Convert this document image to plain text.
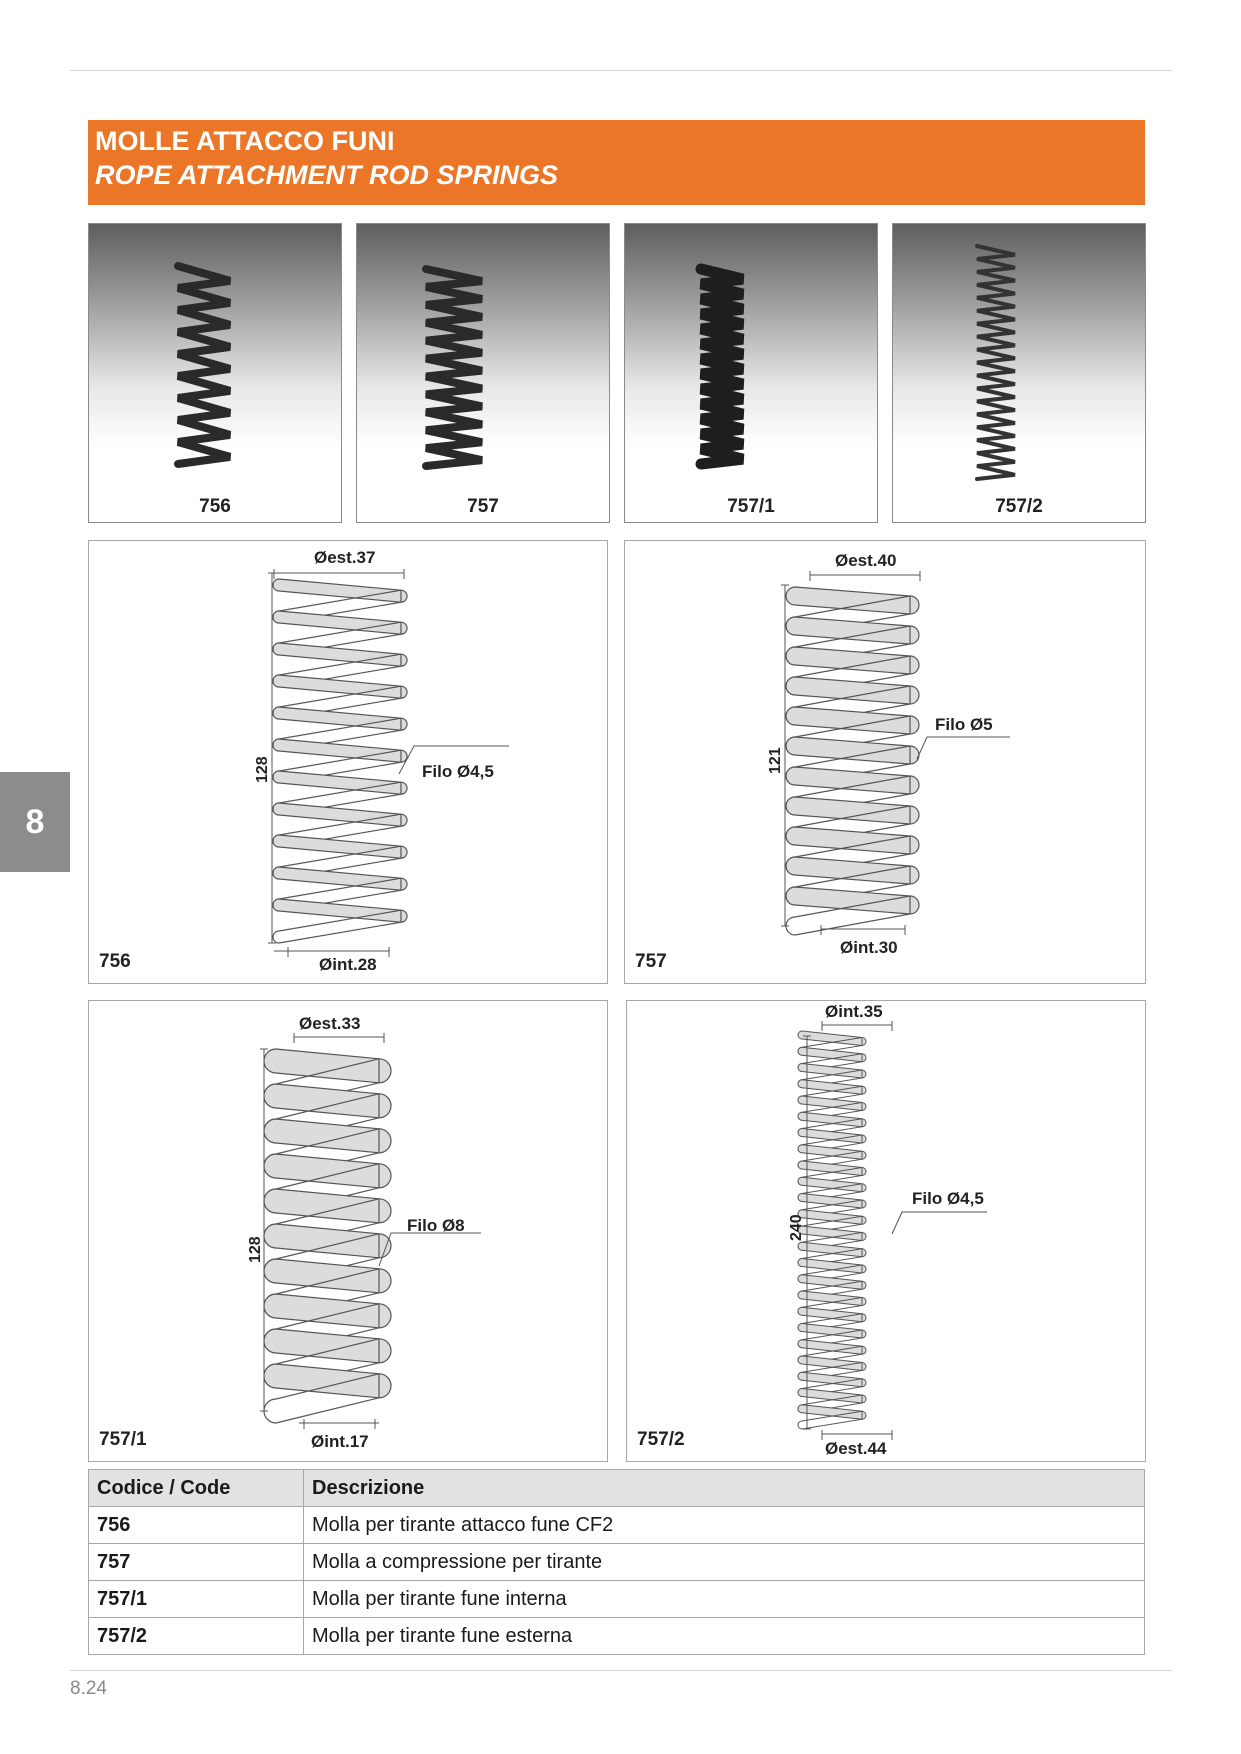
MOLLE ATTACCO FUNI
ROPE ATTACHMENT ROD SPRINGS
756	757	757/1	757/2
Øest.37
Øint.28
128	Filo Ø4,5
756
Øest.40
Øint.30
121
Filo Ø5
757
Øest.33
Øint.17
128
Filo Ø8
757/1
Øint.35
Øest.44
240
Filo Ø4,5
757/2
8
Codice / Code	Descrizione
756	Molla per tirante attacco fune CF2
757	Molla a compressione per tirante
757/1	Molla per tirante fune interna
757/2	Molla per tirante fune esterna
8.24
